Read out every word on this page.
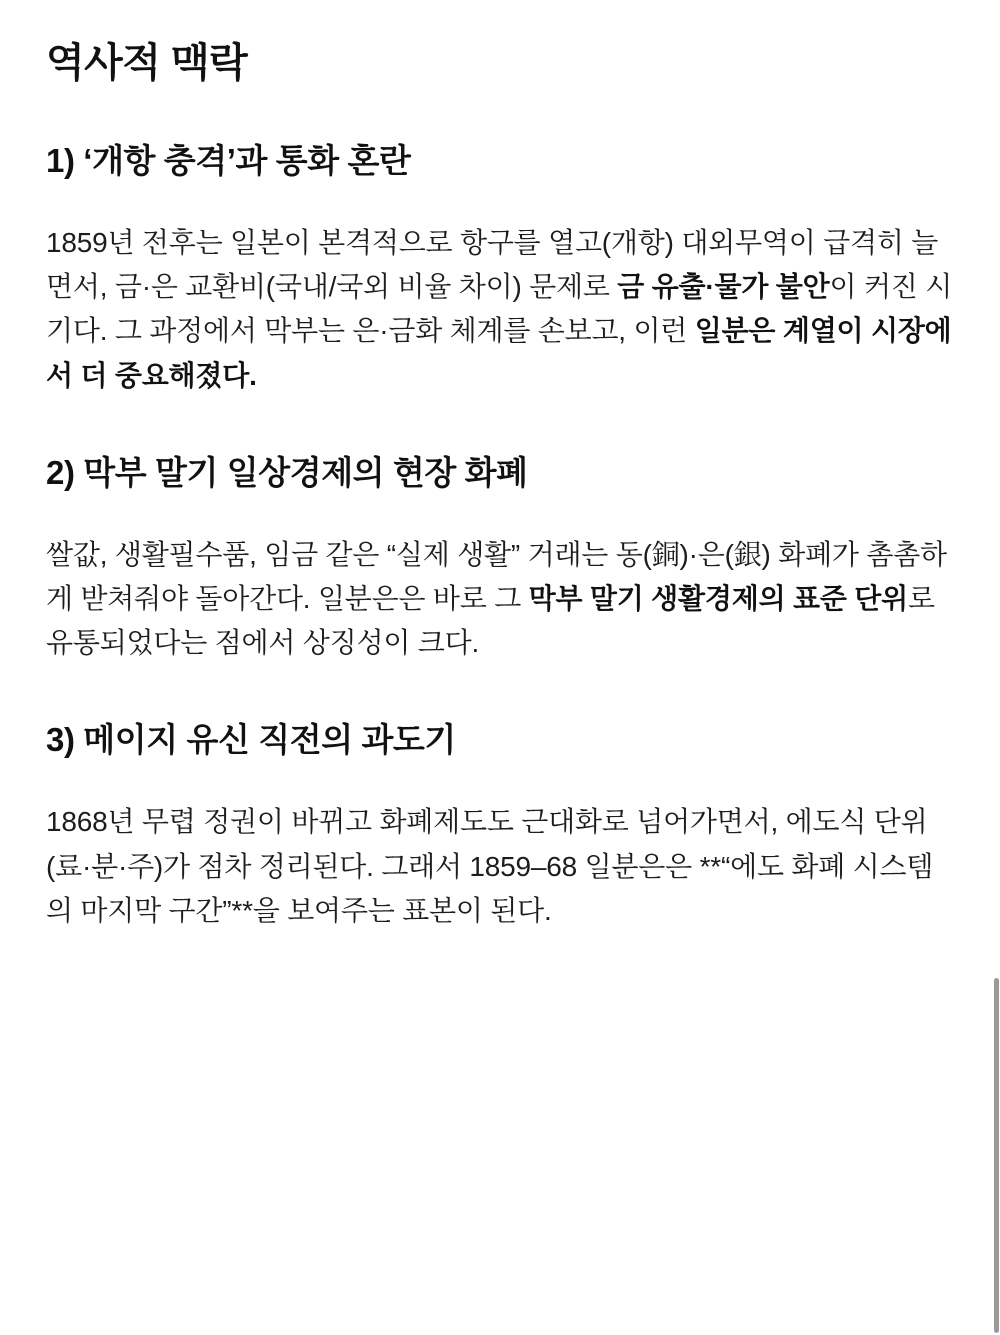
역사적 맥락
1) ‘개항 충격’과 통화 혼란

1859년 전후는 일본이 본격적으로 항구를 열고(개항) 대외무역이 급격히 늘면서, 금·은 교환비(국내/국외 비율 차이) 문제로 금 유출·물가 불안이 커진 시기다. 그 과정에서 막부는 은·금화 체계를 손보고, 이런 일분은 계열이 시장에서 더 중요해졌다.

2) 막부 말기 일상경제의 현장 화폐

쌀값, 생활필수품, 임금 같은 “실제 생활” 거래는 동(銅)·은(銀) 화폐가 촘촘하게 받쳐줘야 돌아간다. 일분은은 바로 그 막부 말기 생활경제의 표준 단위로 유통되었다는 점에서 상징성이 크다.

3) 메이지 유신 직전의 과도기

1868년 무렵 정권이 바뀌고 화폐제도도 근대화로 넘어가면서, 에도식 단위(료·분·주)가 점차 정리된다. 그래서 1859–68 일분은은 **“에도 화폐 시스템의 마지막 구간”**을 보여주는 표본이 된다.
